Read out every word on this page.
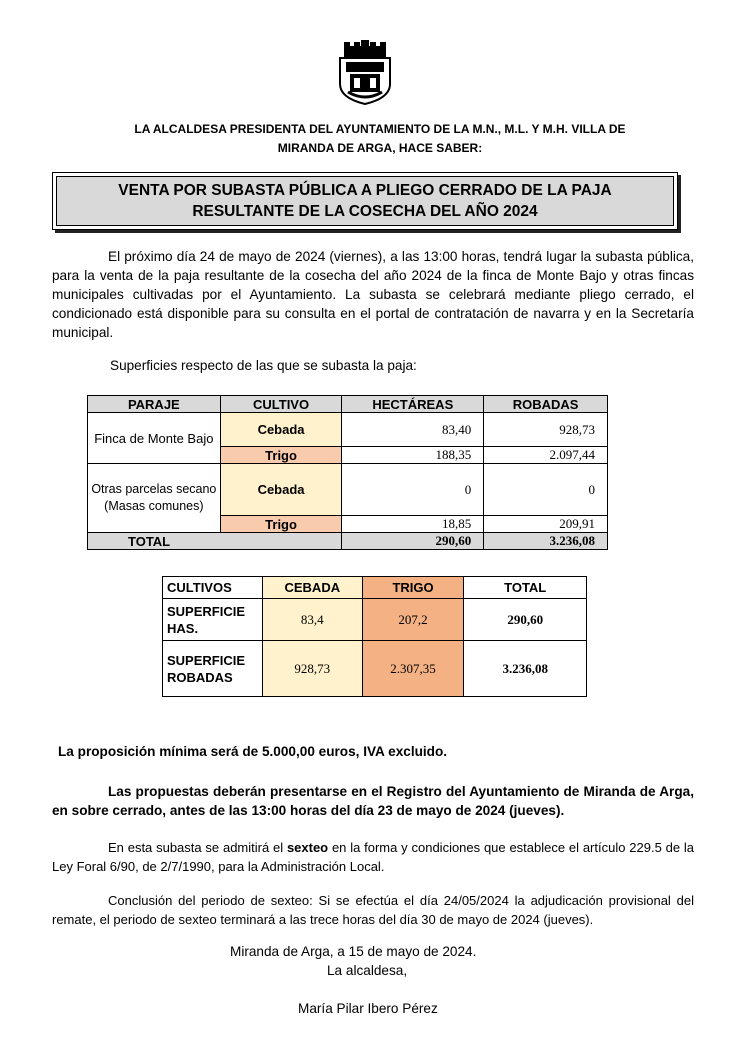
LA ALCALDESA PRESIDENTA DEL AYUNTAMIENTO DE LA M.N., M.L. Y M.H. VILLA DE
MIRANDA DE ARGA, HACE SABER:
VENTA POR SUBASTA PÚBLICA A PLIEGO CERRADO DE LA PAJA
RESULTANTE DE LA COSECHA DEL AÑO 2024
El próximo día 24 de mayo de 2024 (viernes), a las 13:00 horas, tendrá lugar la subasta pública, para la venta de la paja resultante de la cosecha del año 2024 de la finca de Monte Bajo y otras fincas municipales cultivadas por el Ayuntamiento. La subasta se celebrará mediante pliego cerrado, el condicionado está disponible para su consulta en el portal de contratación de navarra y en la Secretaría municipal.
Superficies respecto de las que se subasta la paja:
PARAJE	CULTIVO	HECTÁREAS	ROBADAS
Finca de Monte Bajo	Cebada	83,40	928,73
	Trigo	188,35	2.097,44
Otras parcelas secano (Masas comunes)	Cebada	0	0
	Trigo	18,85	209,91
TOTAL		290,60	3.236,08
CULTIVOS	CEBADA	TRIGO	TOTAL
SUPERFICIE HAS.	83,4	207,2	290,60
SUPERFICIE ROBADAS	928,73	2.307,35	3.236,08
La proposición mínima será de 5.000,00 euros, IVA excluido.
Las propuestas deberán presentarse en el Registro del Ayuntamiento de Miranda de Arga, en sobre cerrado, antes de las 13:00 horas del día 23 de mayo de 2024 (jueves).
En esta subasta se admitirá el sexteo en la forma y condiciones que establece el artículo 229.5 de la Ley Foral 6/90, de 2/7/1990, para la Administración Local.
Conclusión del periodo de sexteo: Si se efectúa el día 24/05/2024 la adjudicación provisional del remate, el periodo de sexteo terminará a las trece horas del día 30 de mayo de 2024 (jueves).
Miranda de Arga, a 15 de mayo de 2024.
La alcaldesa,
María Pilar Ibero Pérez
